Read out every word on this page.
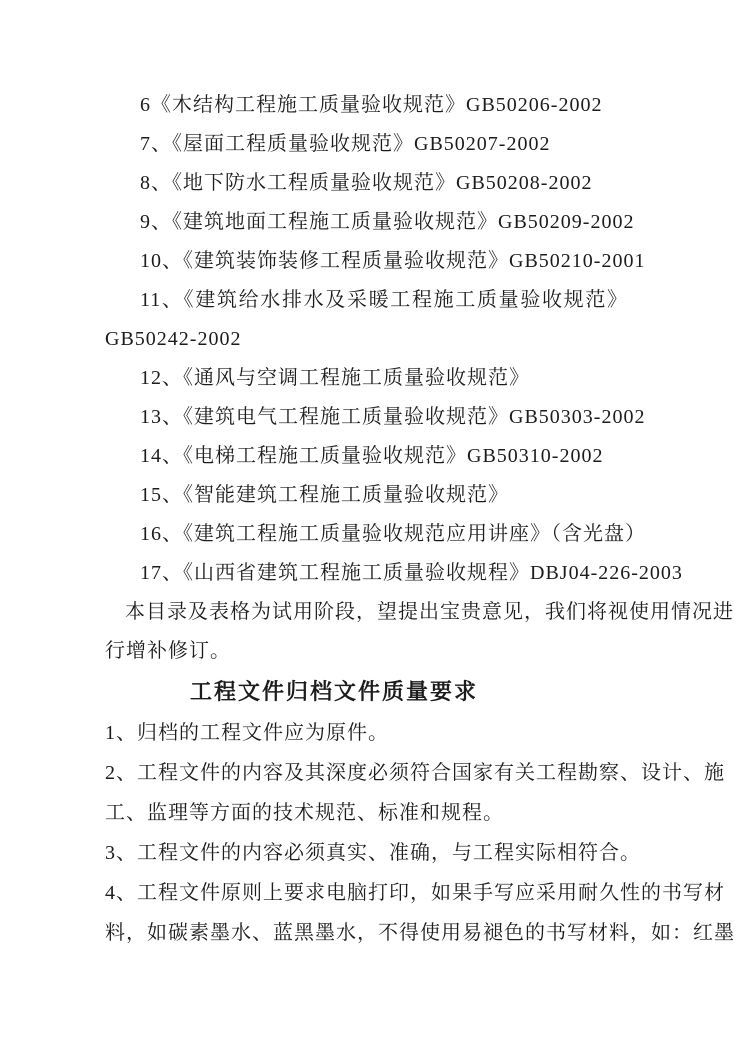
6《木结构工程施工质量验收规范》GB50206-2002
7、《屋面工程质量验收规范》GB50207-2002
8、《地下防水工程质量验收规范》GB50208-2002
9、《建筑地面工程施工质量验收规范》GB50209-2002
10、《建筑装饰装修工程质量验收规范》GB50210-2001
11、《建筑给水排水及采暖工程施工质量验收规范》
GB50242-2002
12、《通风与空调工程施工质量验收规范》
13、《建筑电气工程施工质量验收规范》GB50303-2002
14、《电梯工程施工质量验收规范》GB50310-2002
15、《智能建筑工程施工质量验收规范》
16、《建筑工程施工质量验收规范应用讲座》（含光盘）
17、《山西省建筑工程施工质量验收规程》DBJ04-226-2003
本目录及表格为试用阶段，望提出宝贵意见，我们将视使用情况进
行增补修订。
工程文件归档文件质量要求
1、归档的工程文件应为原件。
2、工程文件的内容及其深度必须符合国家有关工程勘察、设计、施
工、监理等方面的技术规范、标准和规程。
3、工程文件的内容必须真实、准确，与工程实际相符合。
4、工程文件原则上要求电脑打印，如果手写应采用耐久性的书写材
料，如碳素墨水、蓝黑墨水，不得使用易褪色的书写材料，如：红墨
